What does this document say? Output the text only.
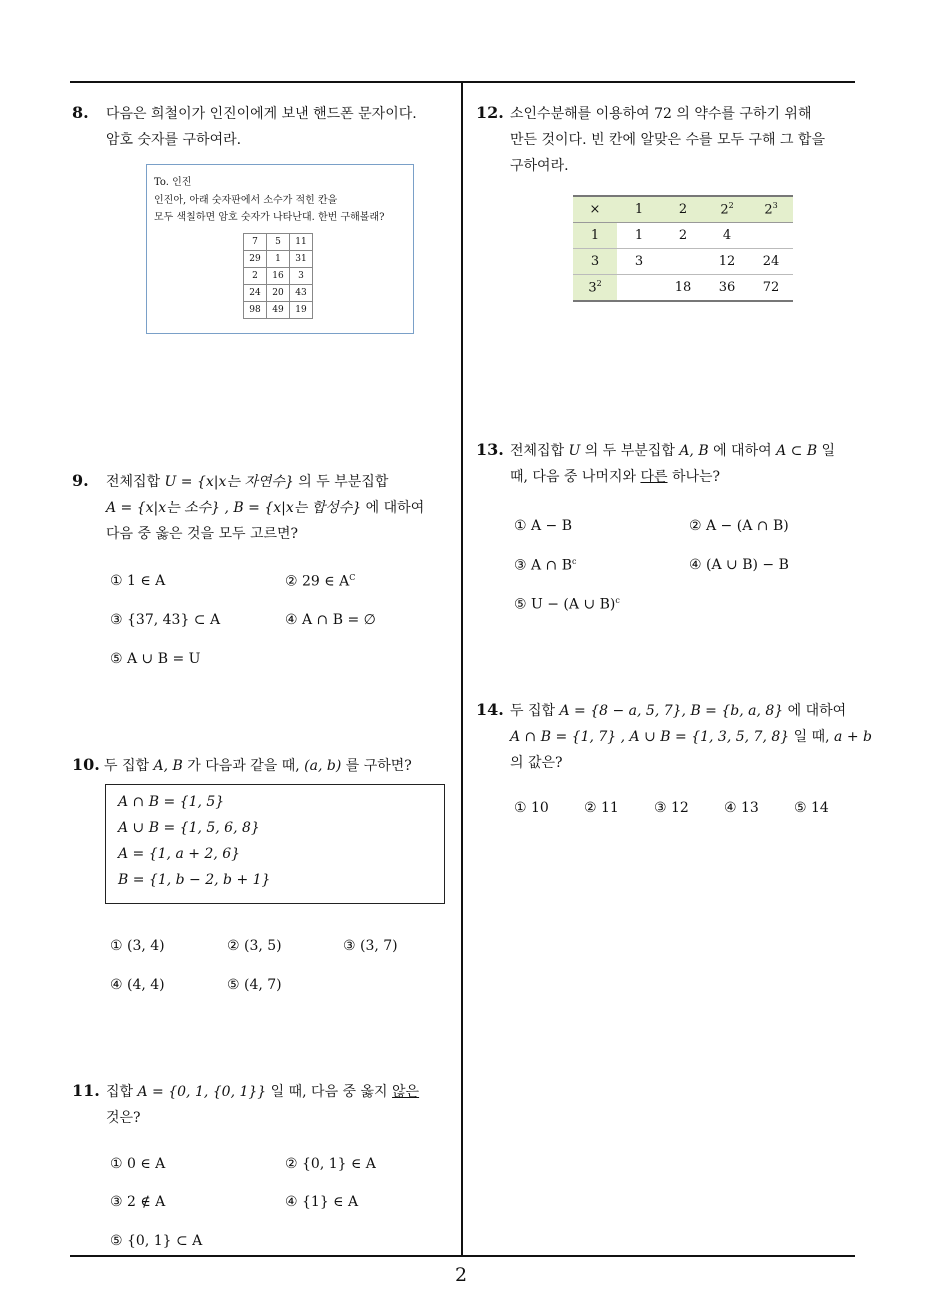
2
8. 다음은 희철이가 인진이에게 보낸 핸드폰 문자이다.
암호 숫자를 구하여라.
To. 인진
인진아, 아래 숫자판에서 소수가 적힌 칸을
모두 색칠하면 암호 숫자가 나타난대. 한번 구해볼래?
7	5	11
29	1	31
2	16	3
24	20	43
98	49	19
9. 전체집합 U = {x|x는 자연수} 의 두 부분집합
A = {x|x는 소수} , B = {x|x는 합성수} 에 대하여
다음 중 옳은 것을 모두 고르면?
① 1 ∈ A	② 29 ∈ $A^C$
③ {37, 43} ⊂ A	④ A ∩ B = ∅
⑤ A ∪ B = U
10. 두 집합 A, B 가 다음과 같을 때, (a, b) 를 구하면?
A ∩ B = {1, 5}
A ∪ B = {1, 5, 6, 8}
A = {1, a + 2, 6}
B = {1, b − 2, b + 1}
① (3, 4)	② (3, 5)	③ (3, 7)
④ (4, 4)	⑤ (4, 7)
11. 집합 A = {0, 1, {0, 1}} 일 때, 다음 중 옳지 않은
것은?
① 0 ∈ A	② {0, 1} ∈ A
③ 2 ∉ A	④ {1} ∈ A
⑤ {0, 1} ⊂ A
12. 소인수분해를 이용하여 72 의 약수를 구하기 위해
만든 것이다. 빈 칸에 알맞은 수를 모두 구해 그 합을
구하여라.
×	1	2	$2^2$	$2^3$
1	1	2	4	
3	3		12	24
$3^2$		18	36	72
13. 전체집합 U 의 두 부분집합 A, B 에 대하여 A ⊂ B 일
때, 다음 중 나머지와 다른 하나는?
① A − B	② A − (A ∩ B)
③ A ∩ $B^c$	④ (A ∪ B) − B
⑤ U − (A ∪ B)$^c$
14. 두 집합 A = {8 − a, 5, 7}, B = {b, a, 8} 에 대하여
A ∩ B = {1, 7} , A ∪ B = {1, 3, 5, 7, 8} 일 때, a + b
의 값은?
① 10	② 11	③ 12	④ 13	⑤ 14
